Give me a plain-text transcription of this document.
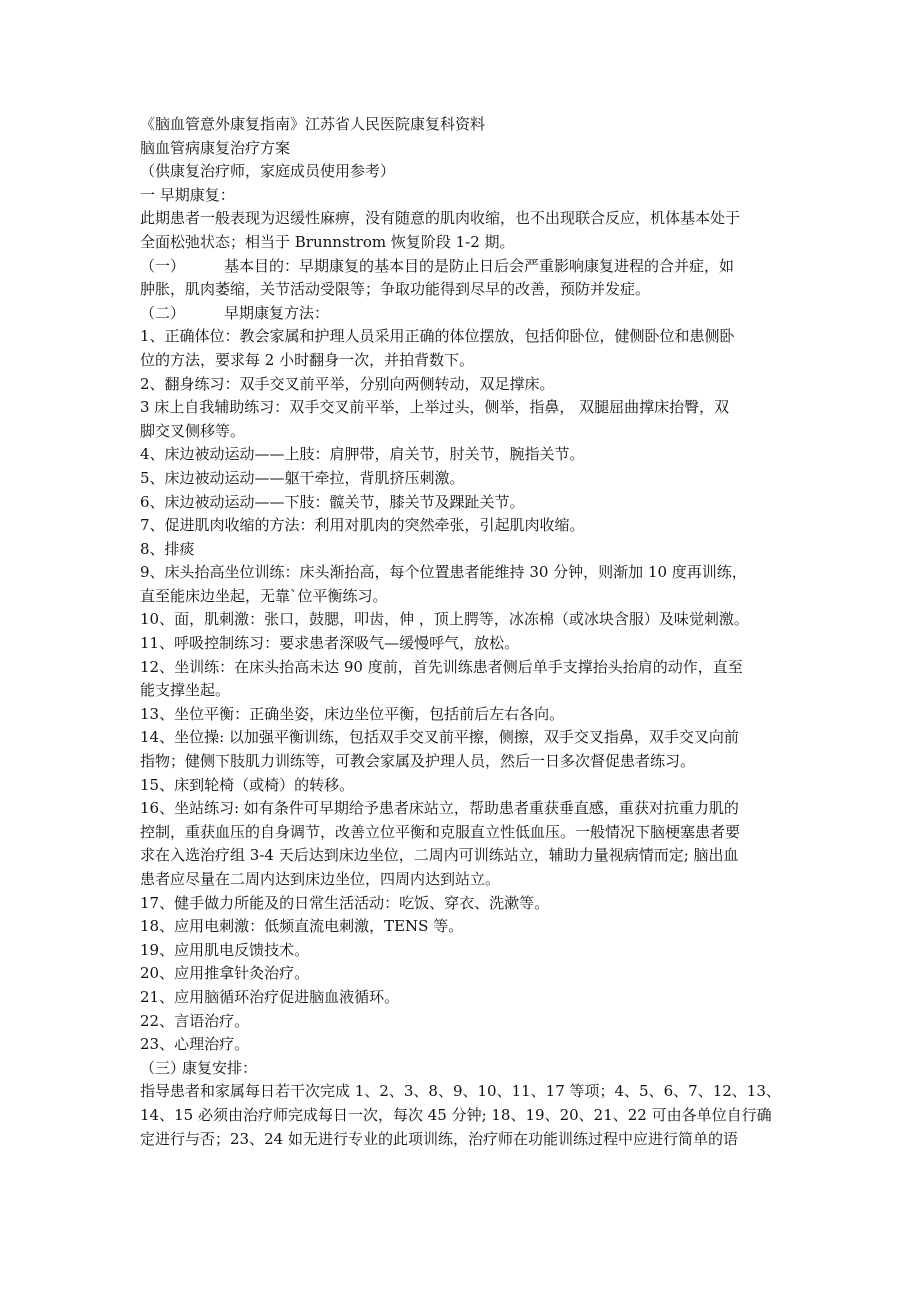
《脑血管意外康复指南》江苏省人民医院康复科资料
脑血管病康复治疗方案
（供康复治疗师，家庭成员使用参考）
一 早期康复：
此期患者一般表现为迟缓性麻痹，没有随意的肌肉收缩，也不出现联合反应，机体基本处于
全面松弛状态；相当于 Brunnstrom 恢复阶段 1-2 期。
（一）	基本目的：早期康复的基本目的是防止日后会严重影响康复进程的合并症，如
肿胀，肌肉萎缩，关节活动受限等；争取功能得到尽早的改善，预防并发症。
（二）	早期康复方法：
1、正确体位：教会家属和护理人员采用正确的体位摆放，包括仰卧位，健侧卧位和患侧卧
位的方法，要求每 2 小时翻身一次，并拍背数下。
2、翻身练习：双手交叉前平举，分别向两侧转动，双足撑床。
3 床上自我辅助练习：双手交叉前平举，上举过头，侧举，指鼻， 双腿屈曲撑床抬臀，双
脚交叉侧移等。
4、床边被动运动——上肢：肩胛带，肩关节，肘关节，腕指关节。
5、床边被动运动——躯干牵拉，背肌挤压刺激。
6、床边被动运动——下肢：髋关节，膝关节及踝趾关节。
7、促进肌肉收缩的方法：利用对肌肉的突然牵张，引起肌肉收缩。
8、排痰
9、床头抬高坐位训练：床头渐抬高，每个位置患者能维持 30 分钟，则渐加 10 度再训练，
直至能床边坐起，无靠`位平衡练习。
10、面，肌刺激：张口，鼓腮，叩齿，伸 ，顶上腭等，冰冻棉（或冰块含服）及味觉刺激。
11、呼吸控制练习：要求患者深吸气—缓慢呼气，放松。
12、坐训练：在床头抬高未达 90 度前，首先训练患者侧后单手支撑抬头抬肩的动作，直至
能支撑坐起。
13、坐位平衡：正确坐姿，床边坐位平衡，包括前后左右各向。
14、坐位操: 以加强平衡训练，包括双手交叉前平擦，侧擦，双手交叉指鼻，双手交叉向前
指物；健侧下肢肌力训练等，可教会家属及护理人员，然后一日多次督促患者练习。
15、床到轮椅（或椅）的转移。
16、坐站练习: 如有条件可早期给予患者床站立，帮助患者重获垂直感，重获对抗重力肌的
控制，重获血压的自身调节，改善立位平衡和克服直立性低血压。一般情况下脑梗塞患者要
求在入选治疗组 3-4 天后达到床边坐位，二周内可训练站立，辅助力量视病情而定; 脑出血
患者应尽量在二周内达到床边坐位，四周内达到站立。
17、健手做力所能及的日常生活活动：吃饭、穿衣、洗漱等。
18、应用电刺激：低频直流电刺激，TENS 等。
19、应用肌电反馈技术。
20、应用推拿针灸治疗。
21、应用脑循环治疗促进脑血液循环。
22、言语治疗。
23、心理治疗。
（三）
康复安排：
指导患者和家属每日若干次完成 1、2、3、8、9、10、11、17 等项；4、5、6、7、12、13、
14、15 必须由治疗师完成每日一次，每次 45 分钟; 18、19、20、21、22 可由各单位自行确
定进行与否；23、24 如无进行专业的此项训练，治疗师在功能训练过程中应进行简单的语
